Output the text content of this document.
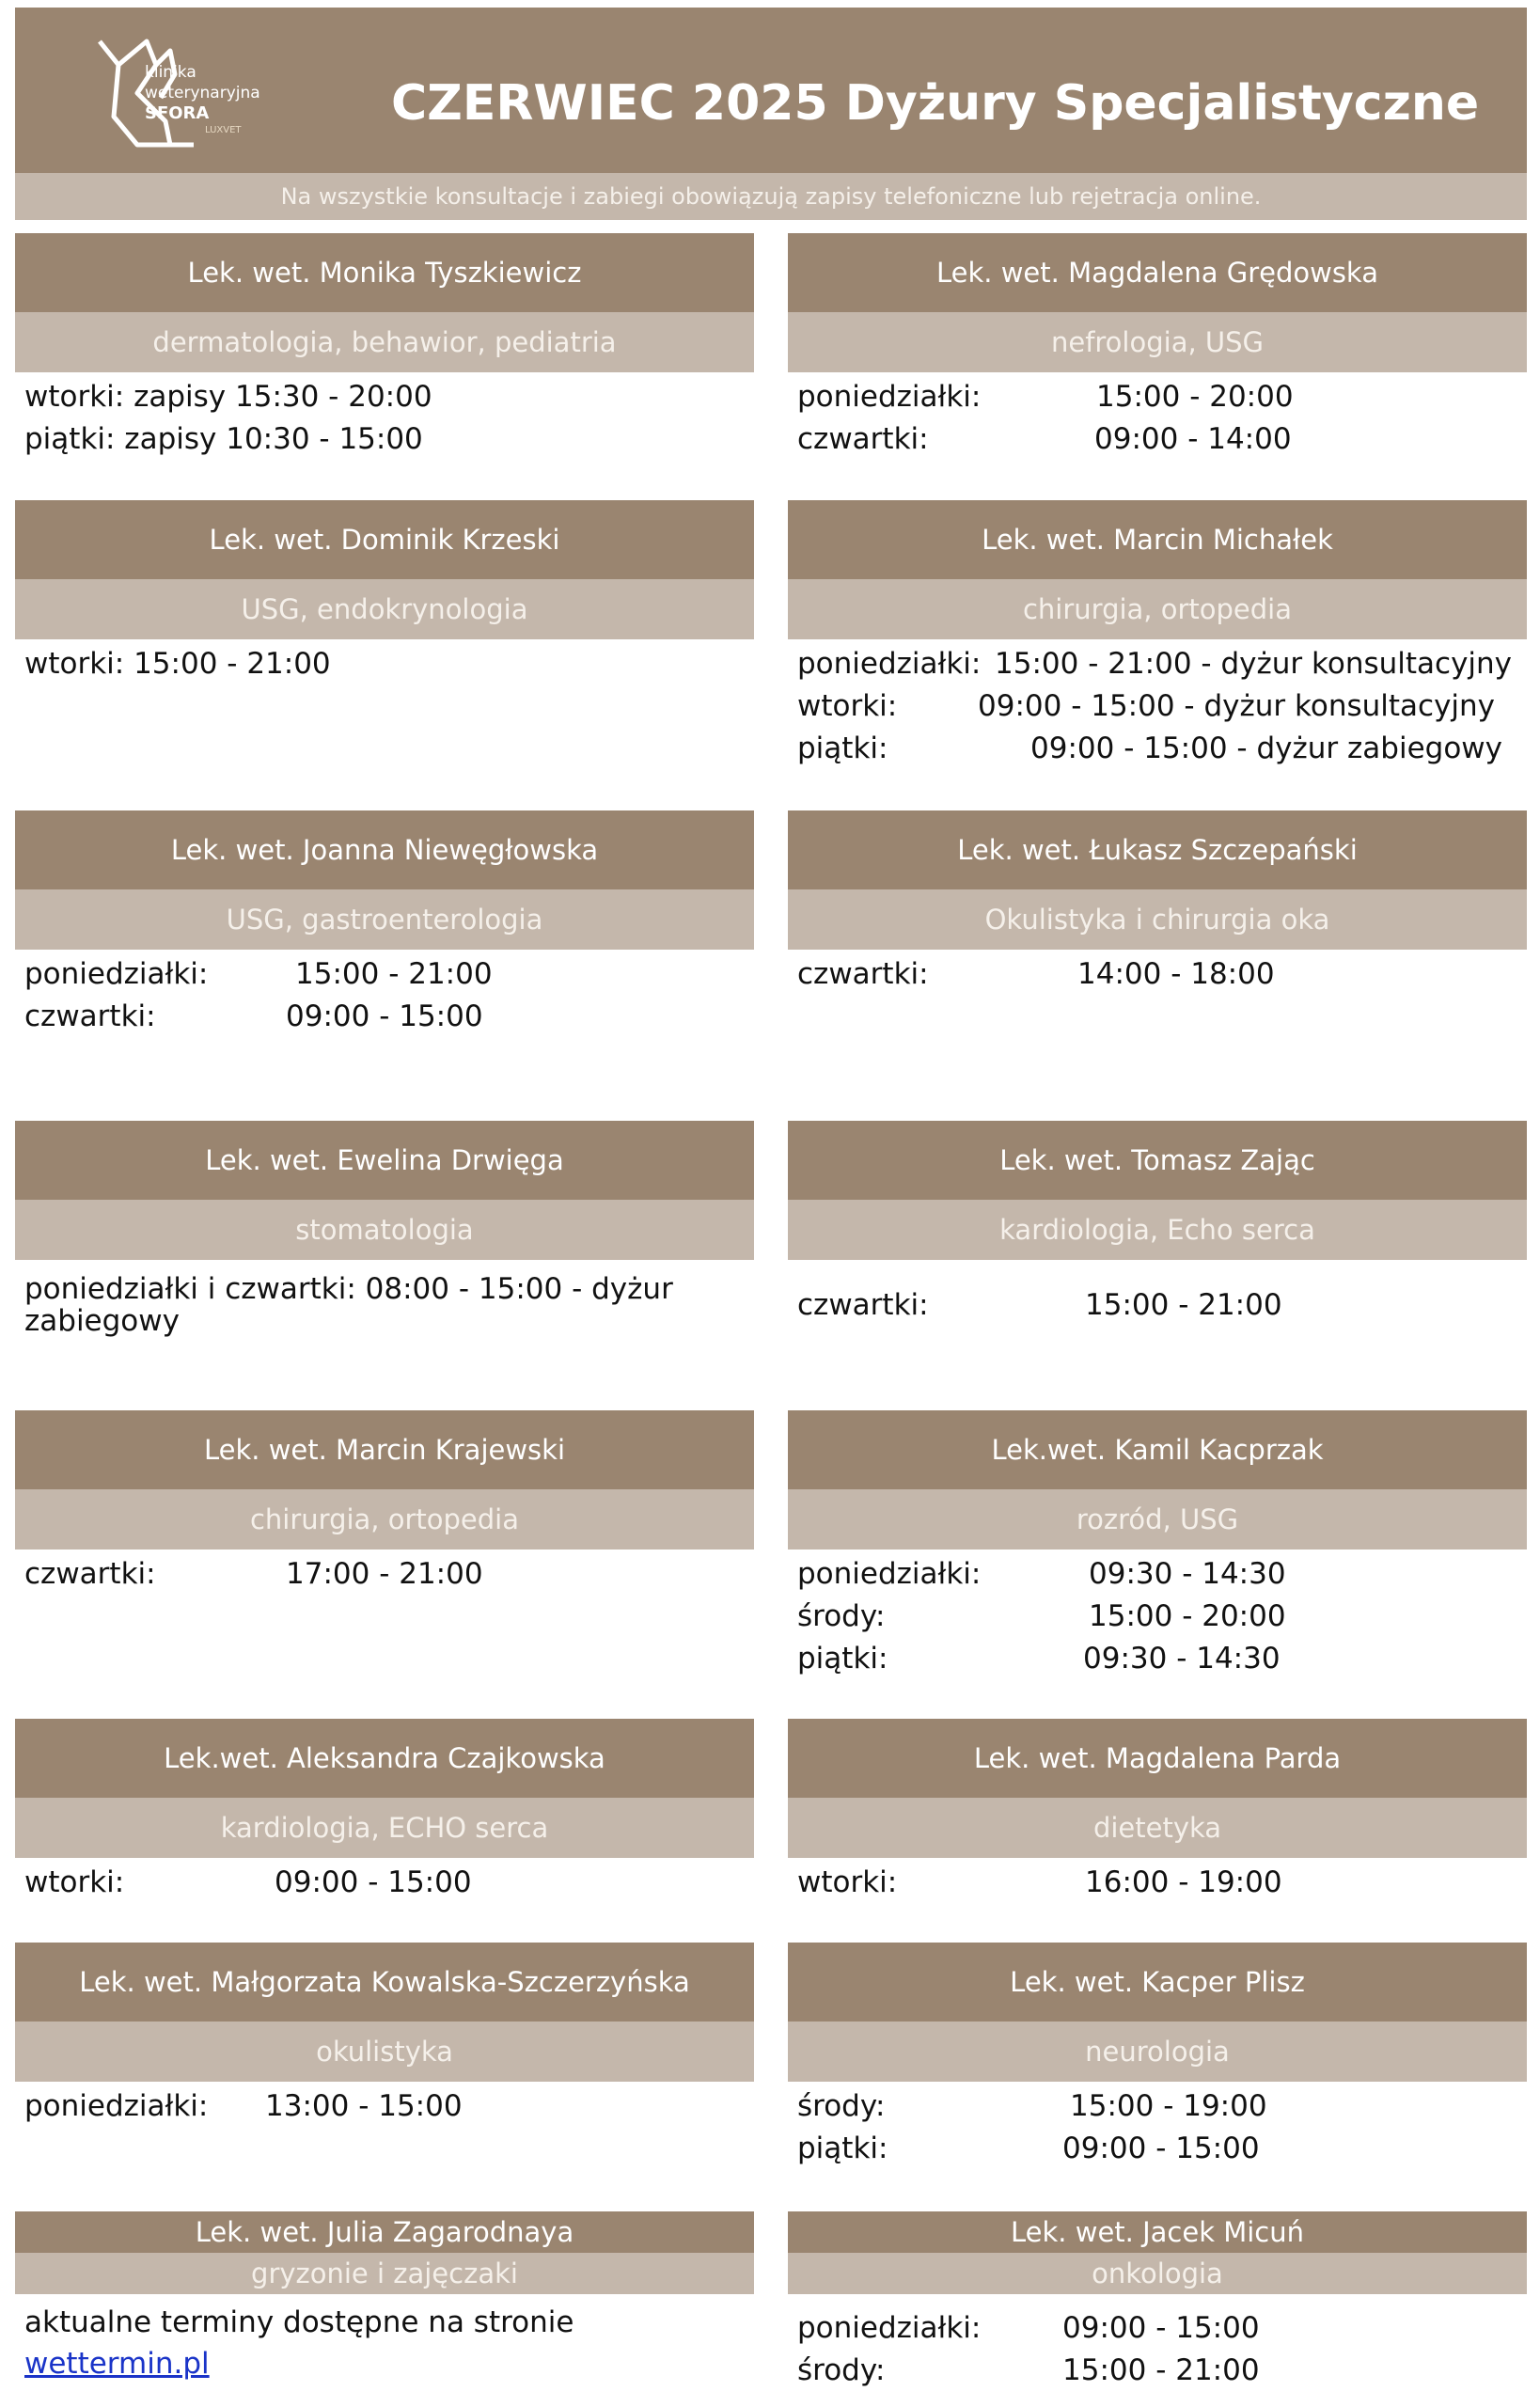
klinika
weterynaryjna
SFORA
LUXVET	CZERWIEC 2025 Dyżury Specjalistyczne
Na wszystkie konsultacje i zabiegi obowiązują zapisy telefoniczne lub rejetracja online.
Lek. wet. Monika Tyszkiewicz
dermatologia, behawior, pediatria
wtorki: zapisy 15:30 - 20:00
piątki: zapisy 10:30 - 15:00
Lek. wet. Magdalena Grędowska
nefrologia, USG
poniedziałki:	15:00 - 20:00
czwartki:	09:00 - 14:00
Lek. wet. Dominik Krzeski
USG, endokrynologia
wtorki: 15:00 - 21:00
Lek. wet. Marcin Michałek
chirurgia, ortopedia
poniedziałki: 15:00 - 21:00 - dyżur konsultacyjny
wtorki:	09:00 - 15:00 - dyżur konsultacyjny
piątki:	09:00 - 15:00 - dyżur zabiegowy
Lek. wet. Joanna Niewęgłowska
USG, gastroenterologia
poniedziałki:	15:00 - 21:00
czwartki:	09:00 - 15:00
Lek. wet. Łukasz Szczepański
Okulistyka i chirurgia oka
czwartki:	14:00 - 18:00
Lek. wet. Ewelina Drwięga
stomatologia
poniedziałki i czwartki: 08:00 - 15:00 - dyżur zabiegowy
Lek. wet. Tomasz Zając
kardiologia, Echo serca
czwartki:	15:00 - 21:00
Lek. wet. Marcin Krajewski
chirurgia, ortopedia
czwartki:	17:00 - 21:00
Lek.wet. Kamil Kacprzak
rozród, USG
poniedziałki:	09:30 - 14:30
środy:	15:00 - 20:00
piątki:	09:30 - 14:30
Lek.wet. Aleksandra Czajkowska
kardiologia, ECHO serca
wtorki:	09:00 - 15:00
Lek. wet. Magdalena Parda
dietetyka
wtorki:	16:00 - 19:00
Lek. wet. Małgorzata Kowalska-Szczerzyńska
okulistyka
poniedziałki: 13:00 - 15:00
Lek. wet. Kacper Plisz
neurologia
środy:	15:00 - 19:00
piątki:	09:00 - 15:00
Lek. wet. Julia Zagarodnaya
gryzonie i zajęczaki
aktualne terminy dostępne na stronie
wettermin.pl
Lek. wet. Jacek Micuń
onkologia
poniedziałki:	09:00 - 15:00
środy:	15:00 - 21:00
